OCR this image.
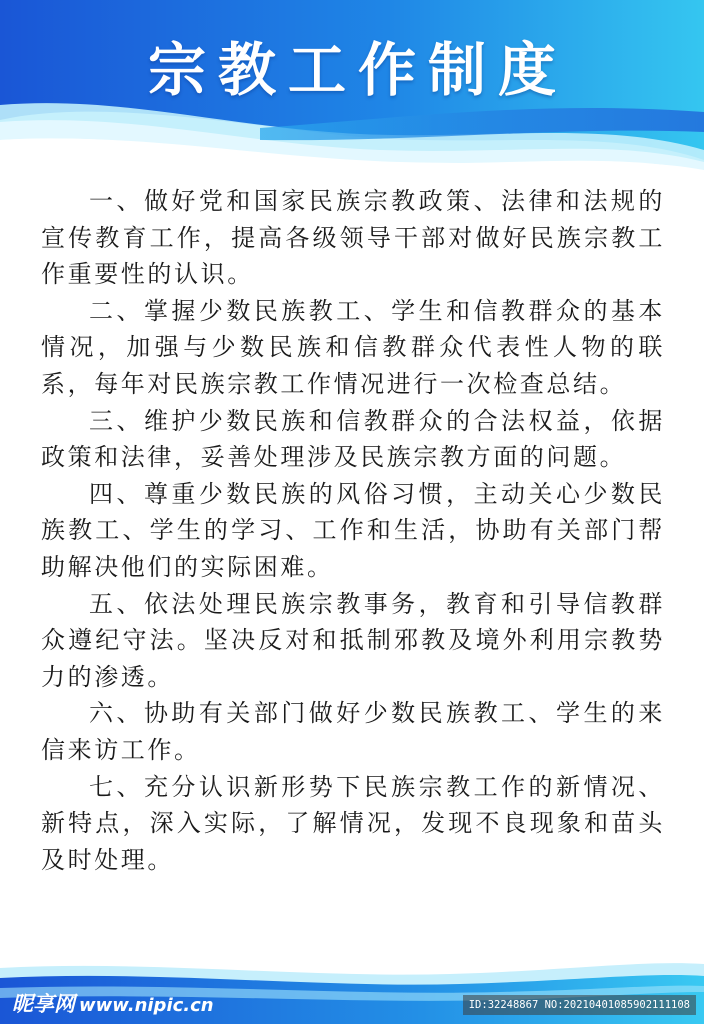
宗教工作制度

一、做好党和国家民族宗教政策、法律和法规的宣传教育工作，提高各级领导干部对做好民族宗教工作重要性的认识。

二、掌握少数民族教工、学生和信教群众的基本情况，加强与少数民族和信教群众代表性人物的联系，每年对民族宗教工作情况进行一次检查总结。

三、维护少数民族和信教群众的合法权益，依据政策和法律，妥善处理涉及民族宗教方面的问题。

四、尊重少数民族的风俗习惯，主动关心少数民族教工、学生的学习、工作和生活，协助有关部门帮助解决他们的实际困难。

五、依法处理民族宗教事务，教育和引导信教群众遵纪守法。坚决反对和抵制邪教及境外利用宗教势力的渗透。

六、协助有关部门做好少数民族教工、学生的来信来访工作。

七、充分认识新形势下民族宗教工作的新情况、新特点，深入实际，了解情况，发现不良现象和苗头及时处理。

昵享网 www.nipic.cn	ID:32248867 NO:20210401085902111108
